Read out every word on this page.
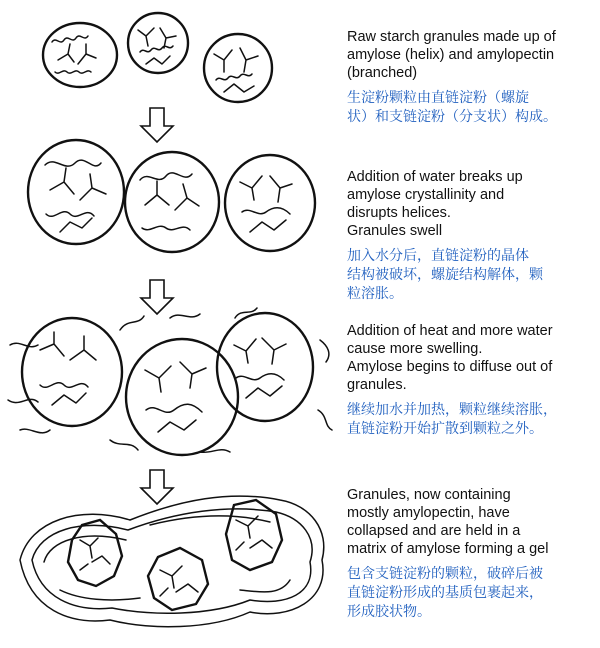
Raw starch granules made up of
amylose (helix) and amylopectin
(branched)
生淀粉颗粒由直链淀粉（螺旋
状）和支链淀粉（分支状）构成。
Addition of water breaks up
amylose crystallinity and
disrupts helices.
Granules swell
加入水分后，直链淀粉的晶体
结构被破坏，螺旋结构解体，颗
粒溶胀。
Addition of heat and more water
cause more swelling.
Amylose begins to diffuse out of
granules.
继续加水并加热，颗粒继续溶胀，
直链淀粉开始扩散到颗粒之外。
Granules, now containing
mostly amylopectin, have
collapsed and are held in a
matrix of amylose forming a gel
包含支链淀粉的颗粒，破碎后被
直链淀粉形成的基质包裹起来，
形成胶状物。
